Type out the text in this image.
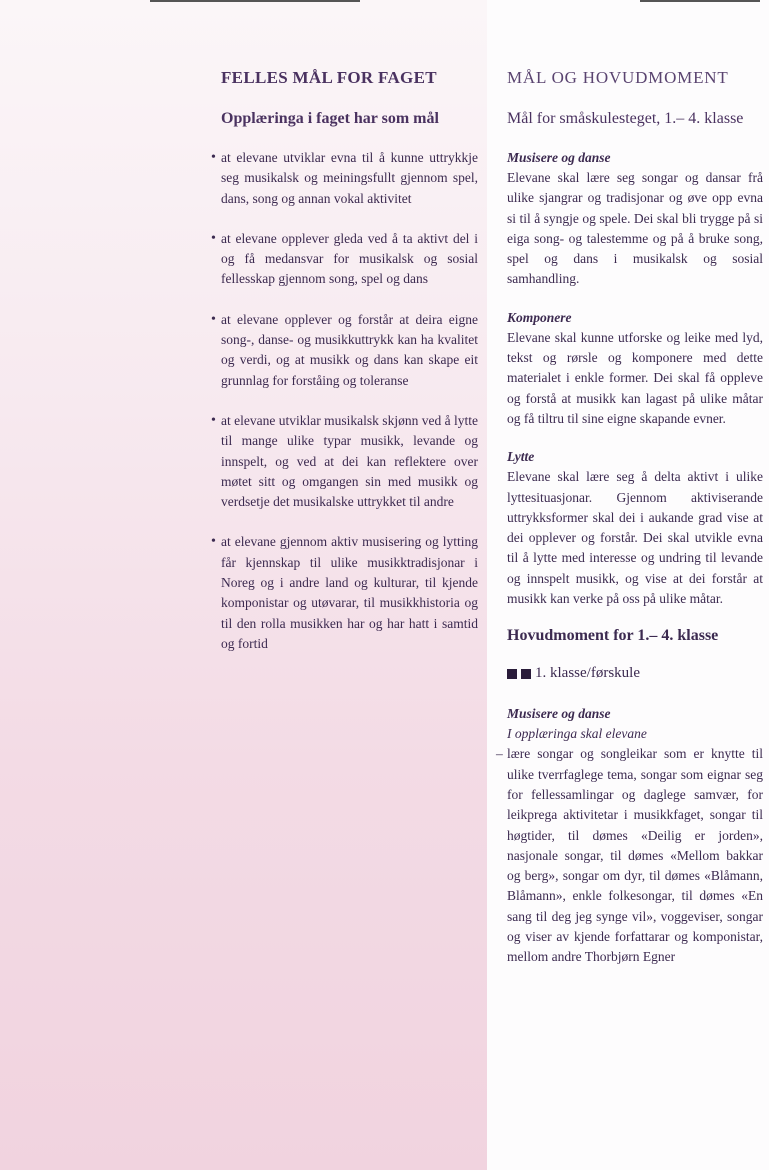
FELLES MÅL FOR FAGET
Opplæringa i faget har som mål
• at elevane utviklar evna til å kunne uttrykkje seg musikalsk og meiningsfullt gjennom spel, dans, song og annan vokal aktivitet
• at elevane opplever gleda ved å ta aktivt del i og få medansvar for musikalsk og sosial fellesskap gjennom song, spel og dans
• at elevane opplever og forstår at deira eigne song-, danse- og musikkuttrykk kan ha kvalitet og verdi, og at musikk og dans kan skape eit grunnlag for forståing og toleranse
• at elevane utviklar musikalsk skjønn ved å lytte til mange ulike typar musikk, levande og innspelt, og ved at dei kan reflektere over møtet sitt og omgangen sin med musikk og verdsetje det musikalske uttrykket til andre
• at elevane gjennom aktiv musisering og lytting får kjennskap til ulike musikktradisjonar i Noreg og i andre land og kulturar, til kjende komponistar og utøvarar, til musikkhistoria og til den rolla musikken har og har hatt i samtid og fortid
MÅL OG HOVUDMOMENT
Mål for småskulesteget, 1.– 4. klasse

Musisere og danse

Elevane skal lære seg songar og dansar frå ulike sjangrar og tradisjonar og øve opp evna si til å syngje og spele. Dei skal bli trygge på si eiga song- og talestemme og på å bruke song, spel og dans i musikalsk og sosial samhandling.

Komponere

Elevane skal kunne utforske og leike med lyd, tekst og rørsle og komponere med dette materialet i enkle former. Dei skal få oppleve og forstå at musikk kan lagast på ulike måtar og få tiltru til sine eigne skapande evner.

Lytte

Elevane skal lære seg å delta aktivt i ulike lyttesituasjonar. Gjennom aktiviserande uttrykksformer skal dei i aukande grad vise at dei opplever og forstår. Dei skal utvikle evna til å lytte med interesse og undring til levande og innspelt musikk, og vise at dei forstår at musikk kan verke på oss på ulike måtar.

Hovudmoment for 1.– 4. klasse
1. klasse/førskule

Musisere og danse

I opplæringa skal elevane

– lære songar og songleikar som er knytte til ulike tverrfaglege tema, songar som eignar seg for fellessamlingar og daglege samvær, for leikprega aktivitetar i musikkfaget, songar til høgtider, til dømes «Deilig er jorden», nasjonale songar, til dømes «Mellom bakkar og berg», songar om dyr, til dømes «Blåmann, Blåmann», enkle folkesongar, til dømes «En sang til deg jeg synge vil», voggeviser, songar og viser av kjende forfattarar og komponistar, mellom andre Thorbjørn Egner
